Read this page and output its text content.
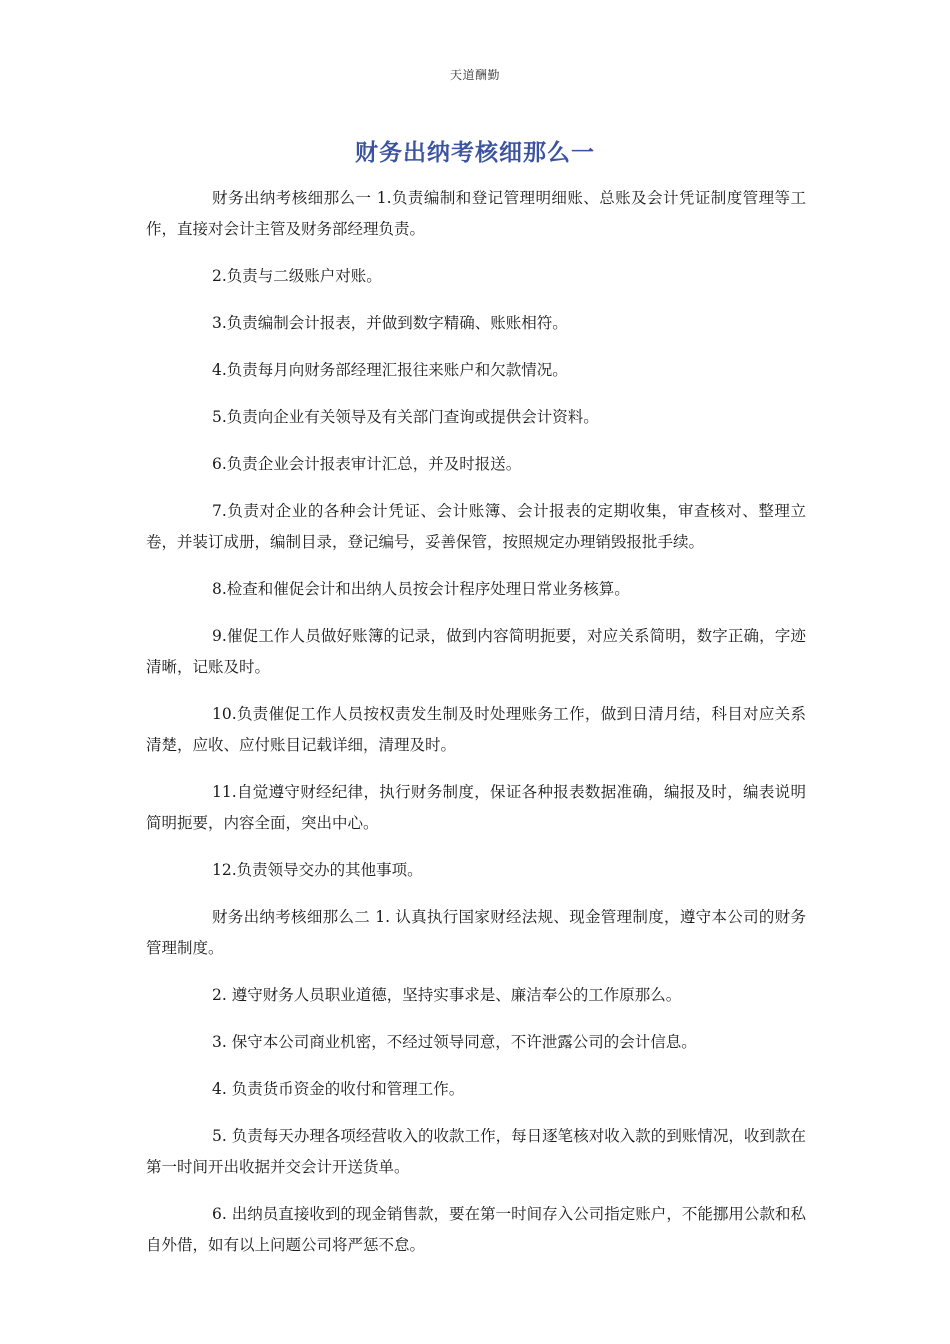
天道酬勤
财务出纳考核细那么一

财务出纳考核细那么一 1.负责编制和登记管理明细账、总账及会计凭证制度管理等工作，直接对会计主管及财务部经理负责。

2.负责与二级账户对账。

3.负责编制会计报表，并做到数字精确、账账相符。

4.负责每月向财务部经理汇报往来账户和欠款情况。

5.负责向企业有关领导及有关部门查询或提供会计资料。

6.负责企业会计报表审计汇总，并及时报送。

7.负责对企业的各种会计凭证、会计账簿、会计报表的定期收集，审查核对、整理立卷，并装订成册，编制目录，登记编号，妥善保管，按照规定办理销毁报批手续。

8.检查和催促会计和出纳人员按会计程序处理日常业务核算。

9.催促工作人员做好账簿的记录，做到内容简明扼要，对应关系简明，数字正确，字迹清晰，记账及时。

10.负责催促工作人员按权责发生制及时处理账务工作，做到日清月结，科目对应关系清楚，应收、应付账目记载详细，清理及时。

11.自觉遵守财经纪律，执行财务制度，保证各种报表数据准确，编报及时，编表说明简明扼要，内容全面，突出中心。

12.负责领导交办的其他事项。

财务出纳考核细那么二 1. 认真执行国家财经法规、现金管理制度，遵守本公司的财务管理制度。

2. 遵守财务人员职业道德，坚持实事求是、廉洁奉公的工作原那么。

3. 保守本公司商业机密，不经过领导同意，不许泄露公司的会计信息。

4. 负责货币资金的收付和管理工作。

5. 负责每天办理各项经营收入的收款工作，每日逐笔核对收入款的到账情况，收到款在第一时间开出收据并交会计开送货单。

6. 出纳员直接收到的现金销售款，要在第一时间存入公司指定账户，不能挪用公款和私自外借，如有以上问题公司将严惩不怠。
